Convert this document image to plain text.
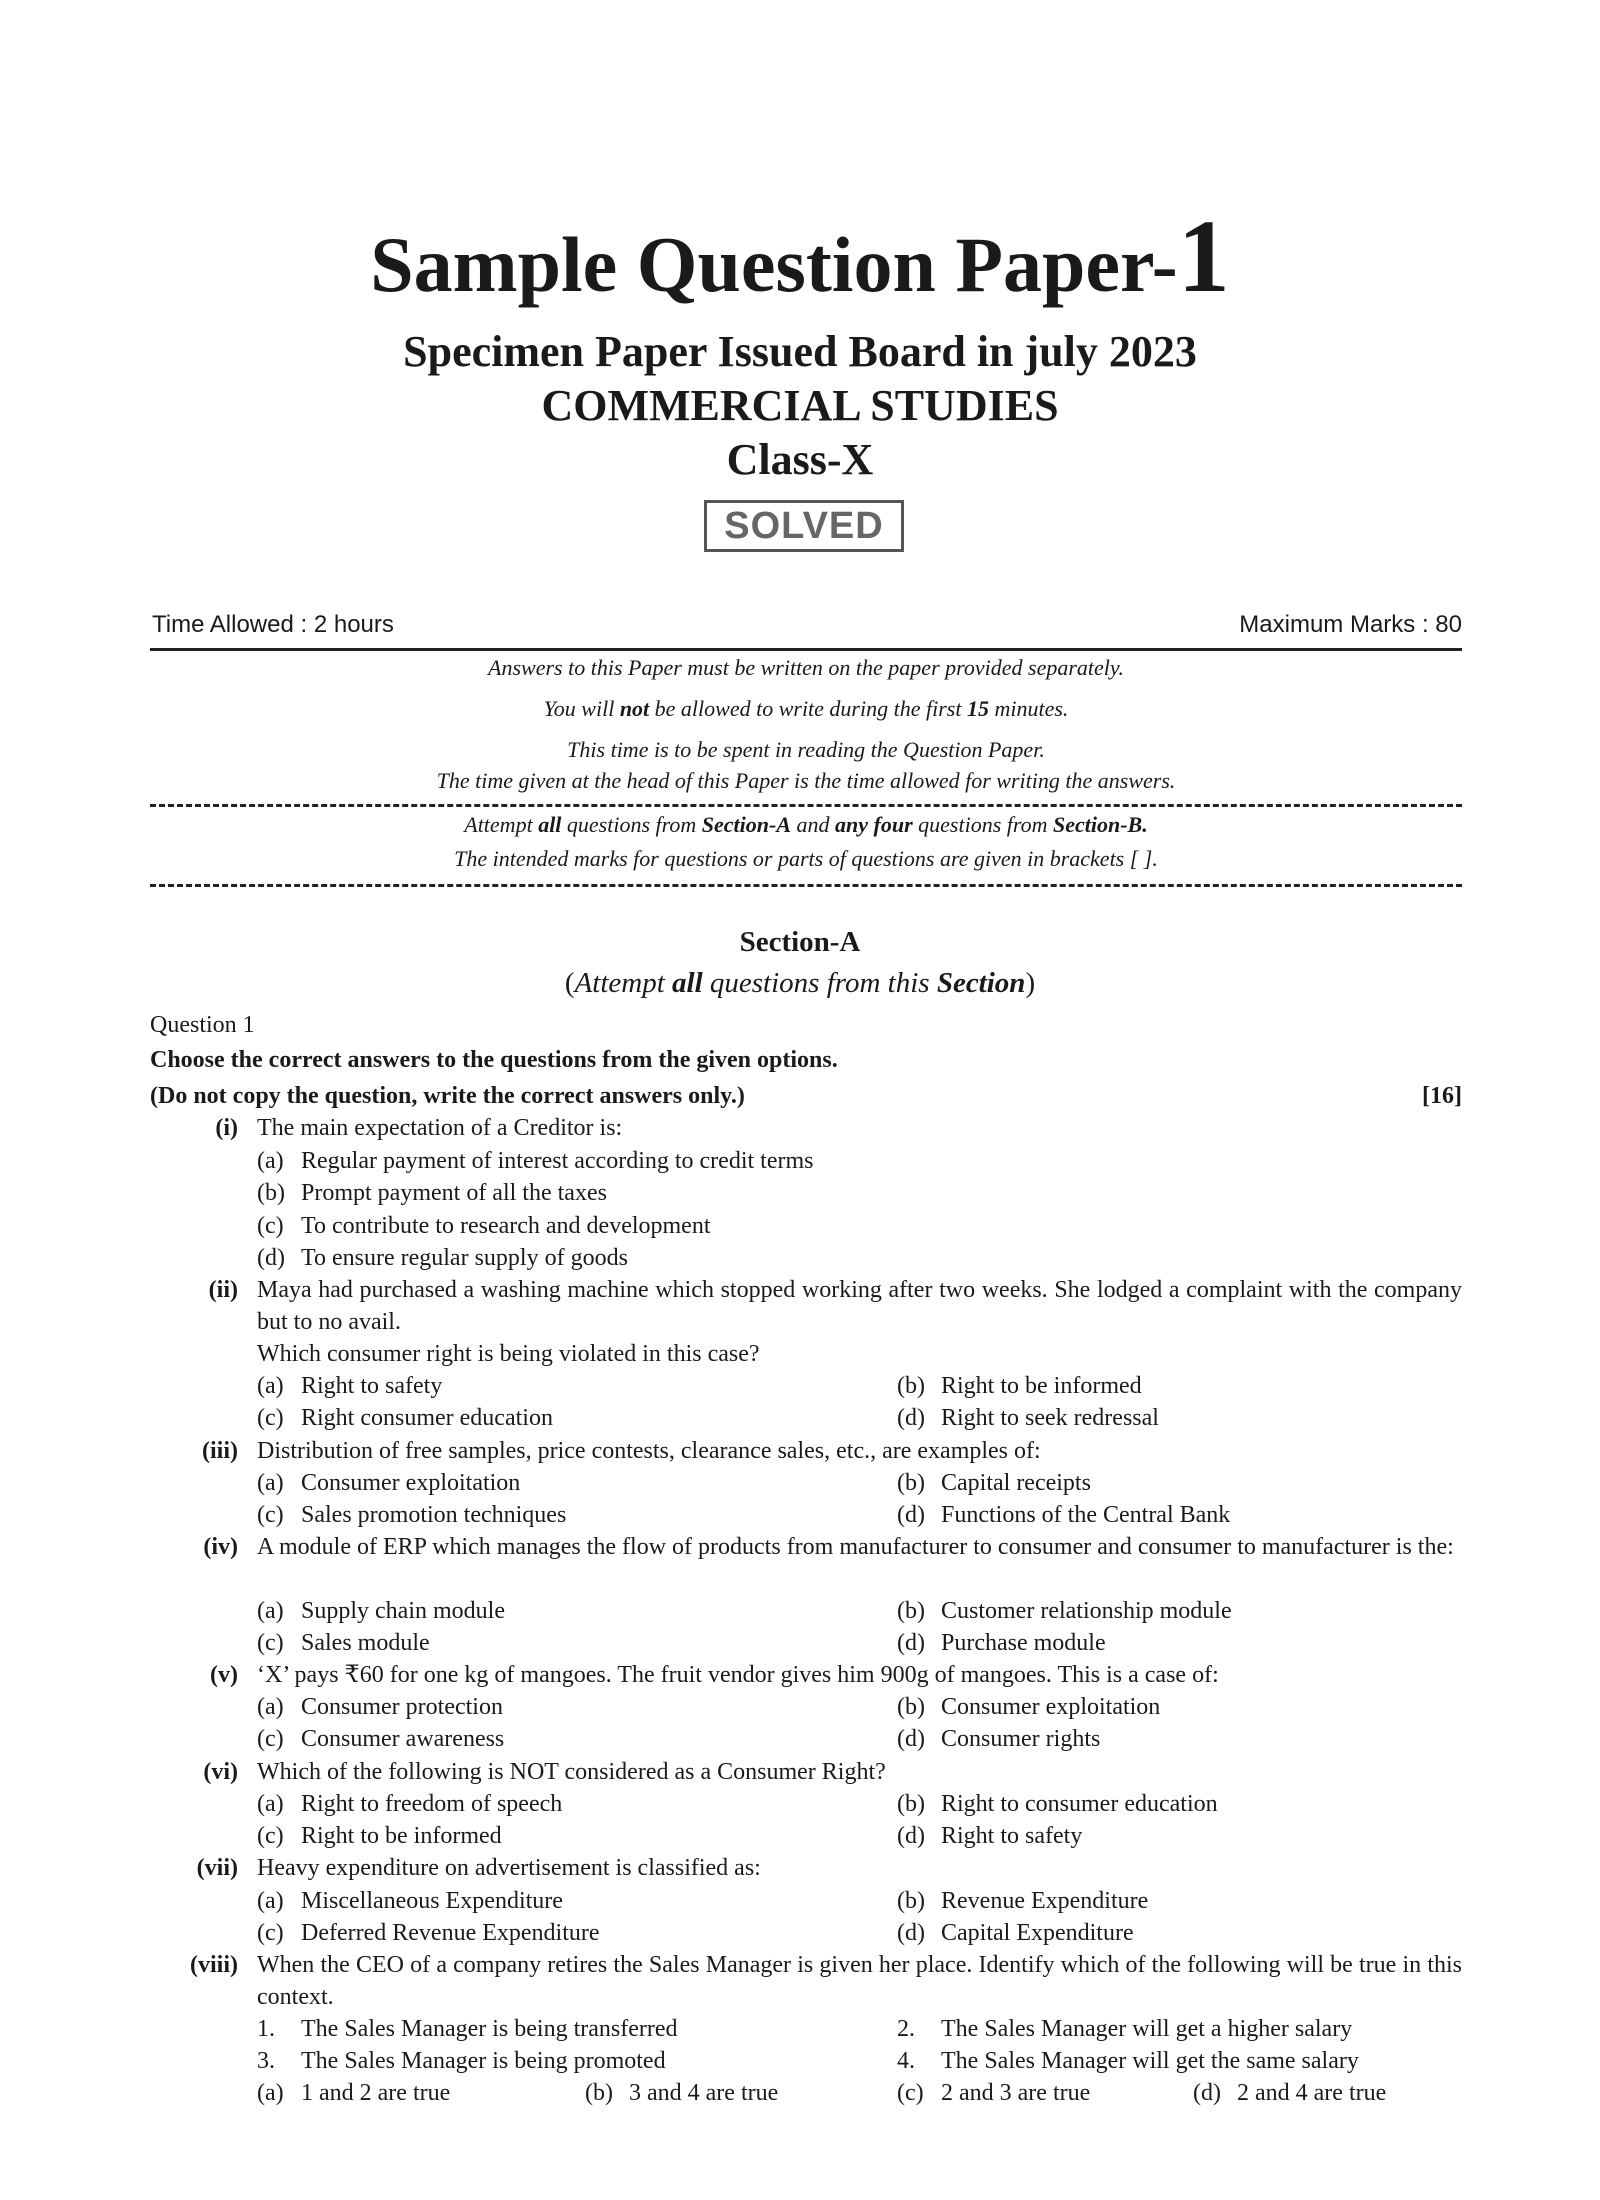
Sample Question Paper-1
Specimen Paper Issued Board in july 2023
COMMERCIAL STUDIES
Class-X
SOLVED
Time Allowed : 2 hours	Maximum Marks : 80
Answers to this Paper must be written on the paper provided separately.
You will not be allowed to write during the first 15 minutes.
This time is to be spent in reading the Question Paper.
The time given at the head of this Paper is the time allowed for writing the answers.
Attempt all questions from Section-A and any four questions from Section-B.
The intended marks for questions or parts of questions are given in brackets [ ].
Section-A
(Attempt all questions from this Section)
Question 1
Choose the correct answers to the questions from the given options.
(Do not copy the question, write the correct answers only.)	[16]
(i) The main expectation of a Creditor is:
(a) Regular payment of interest according to credit terms
(b) Prompt payment of all the taxes
(c) To contribute to research and development
(d) To ensure regular supply of goods
(ii) Maya had purchased a washing machine which stopped working after two weeks. She lodged a complaint with the company but to no avail.
Which consumer right is being violated in this case?
(a) Right to safety	(b) Right to be informed
(c) Right consumer education	(d) Right to seek redressal
(iii) Distribution of free samples, price contests, clearance sales, etc., are examples of:
(a) Consumer exploitation	(b) Capital receipts
(c) Sales promotion techniques	(d) Functions of the Central Bank
(iv) A module of ERP which manages the flow of products from manufacturer to consumer and consumer to manufacturer is the:
(a) Supply chain module	(b) Customer relationship module
(c) Sales module	(d) Purchase module
(v) ‘X’ pays ₹60 for one kg of mangoes. The fruit vendor gives him 900g of mangoes. This is a case of:
(a) Consumer protection	(b) Consumer exploitation
(c) Consumer awareness	(d) Consumer rights
(vi) Which of the following is NOT considered as a Consumer Right?
(a) Right to freedom of speech	(b) Right to consumer education
(c) Right to be informed	(d) Right to safety
(vii) Heavy expenditure on advertisement is classified as:
(a) Miscellaneous Expenditure	(b) Revenue Expenditure
(c) Deferred Revenue Expenditure	(d) Capital Expenditure
(viii) When the CEO of a company retires the Sales Manager is given her place. Identify which of the following will be true in this context.
1. The Sales Manager is being transferred	2. The Sales Manager will get a higher salary
3. The Sales Manager is being promoted	4. The Sales Manager will get the same salary
(a) 1 and 2 are true	(b) 3 and 4 are true	(c) 2 and 3 are true	(d) 2 and 4 are true
